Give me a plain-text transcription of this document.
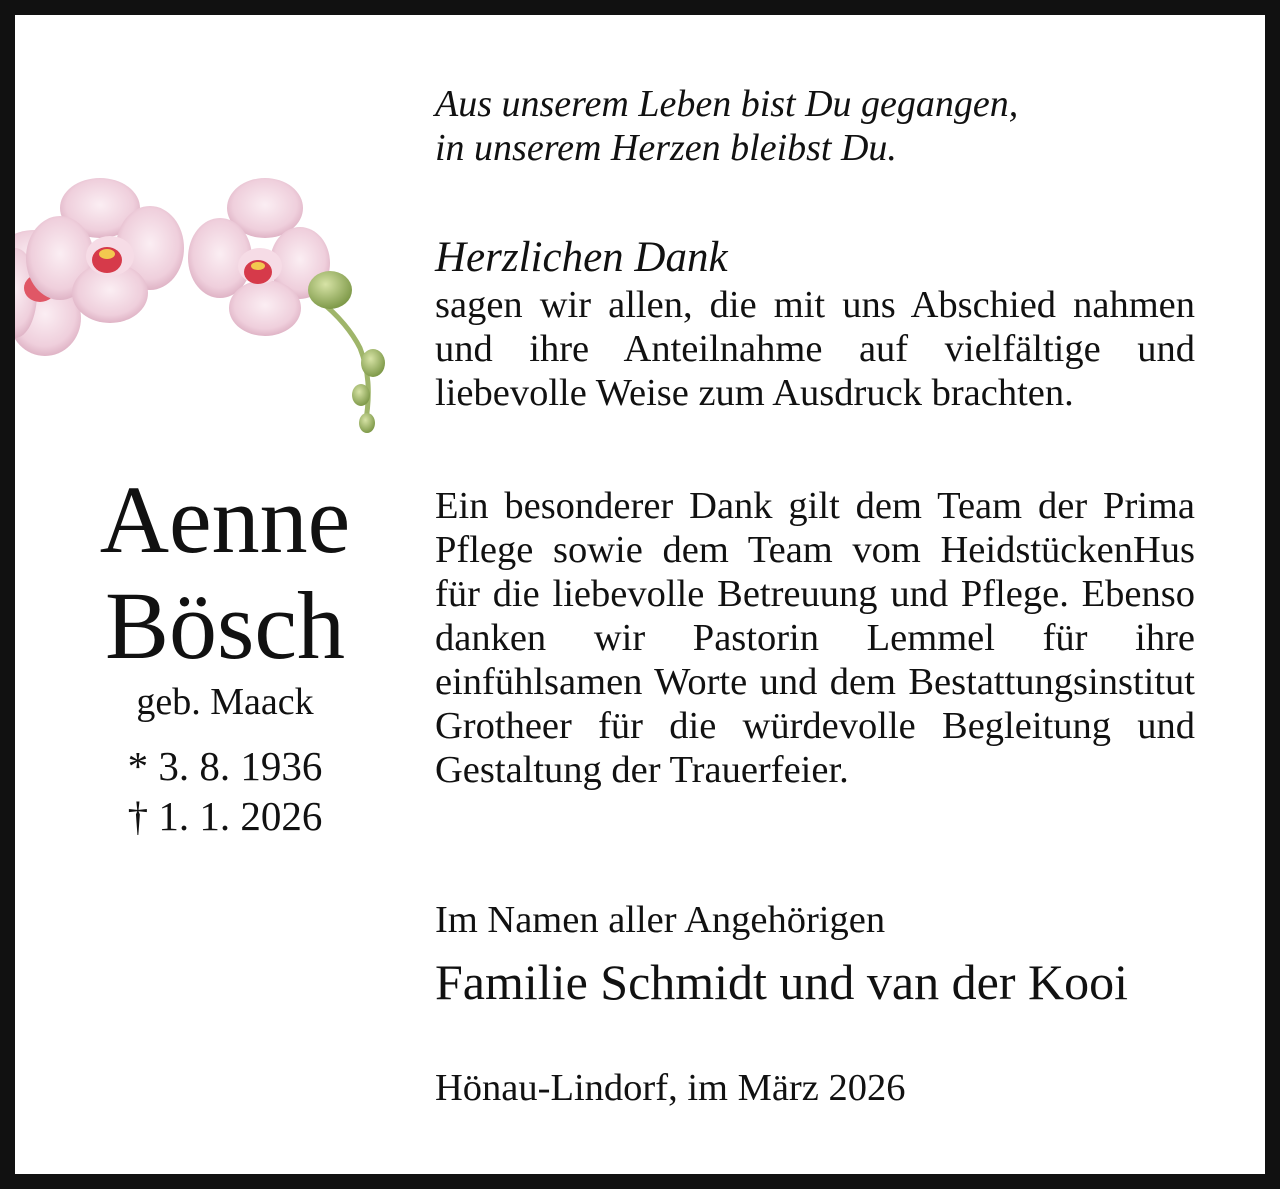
Aenne
Bösch
geb. Maack
* 3. 8. 1936
† 1. 1. 2026
Aus unserem Leben bist Du gegangen,
in unserem Herzen bleibst Du.
Herzlichen Dank
sagen wir allen, die mit uns Abschied nahmen und ihre Anteilnahme auf vielfältige und liebevolle Weise zum Ausdruck brachten.
Ein besonderer Dank gilt dem Team der Prima Pflege sowie dem Team vom HeidstückenHus für die liebevolle Betreuung und Pflege. Ebenso danken wir Pastorin Lemmel für ihre einfühlsamen Worte und dem Bestattungsinstitut Grotheer für die würdevolle Begleitung und Gestaltung der Trauerfeier.
Im Namen aller Angehörigen
Familie Schmidt und van der Kooi
Hönau-Lindorf, im März 2026
